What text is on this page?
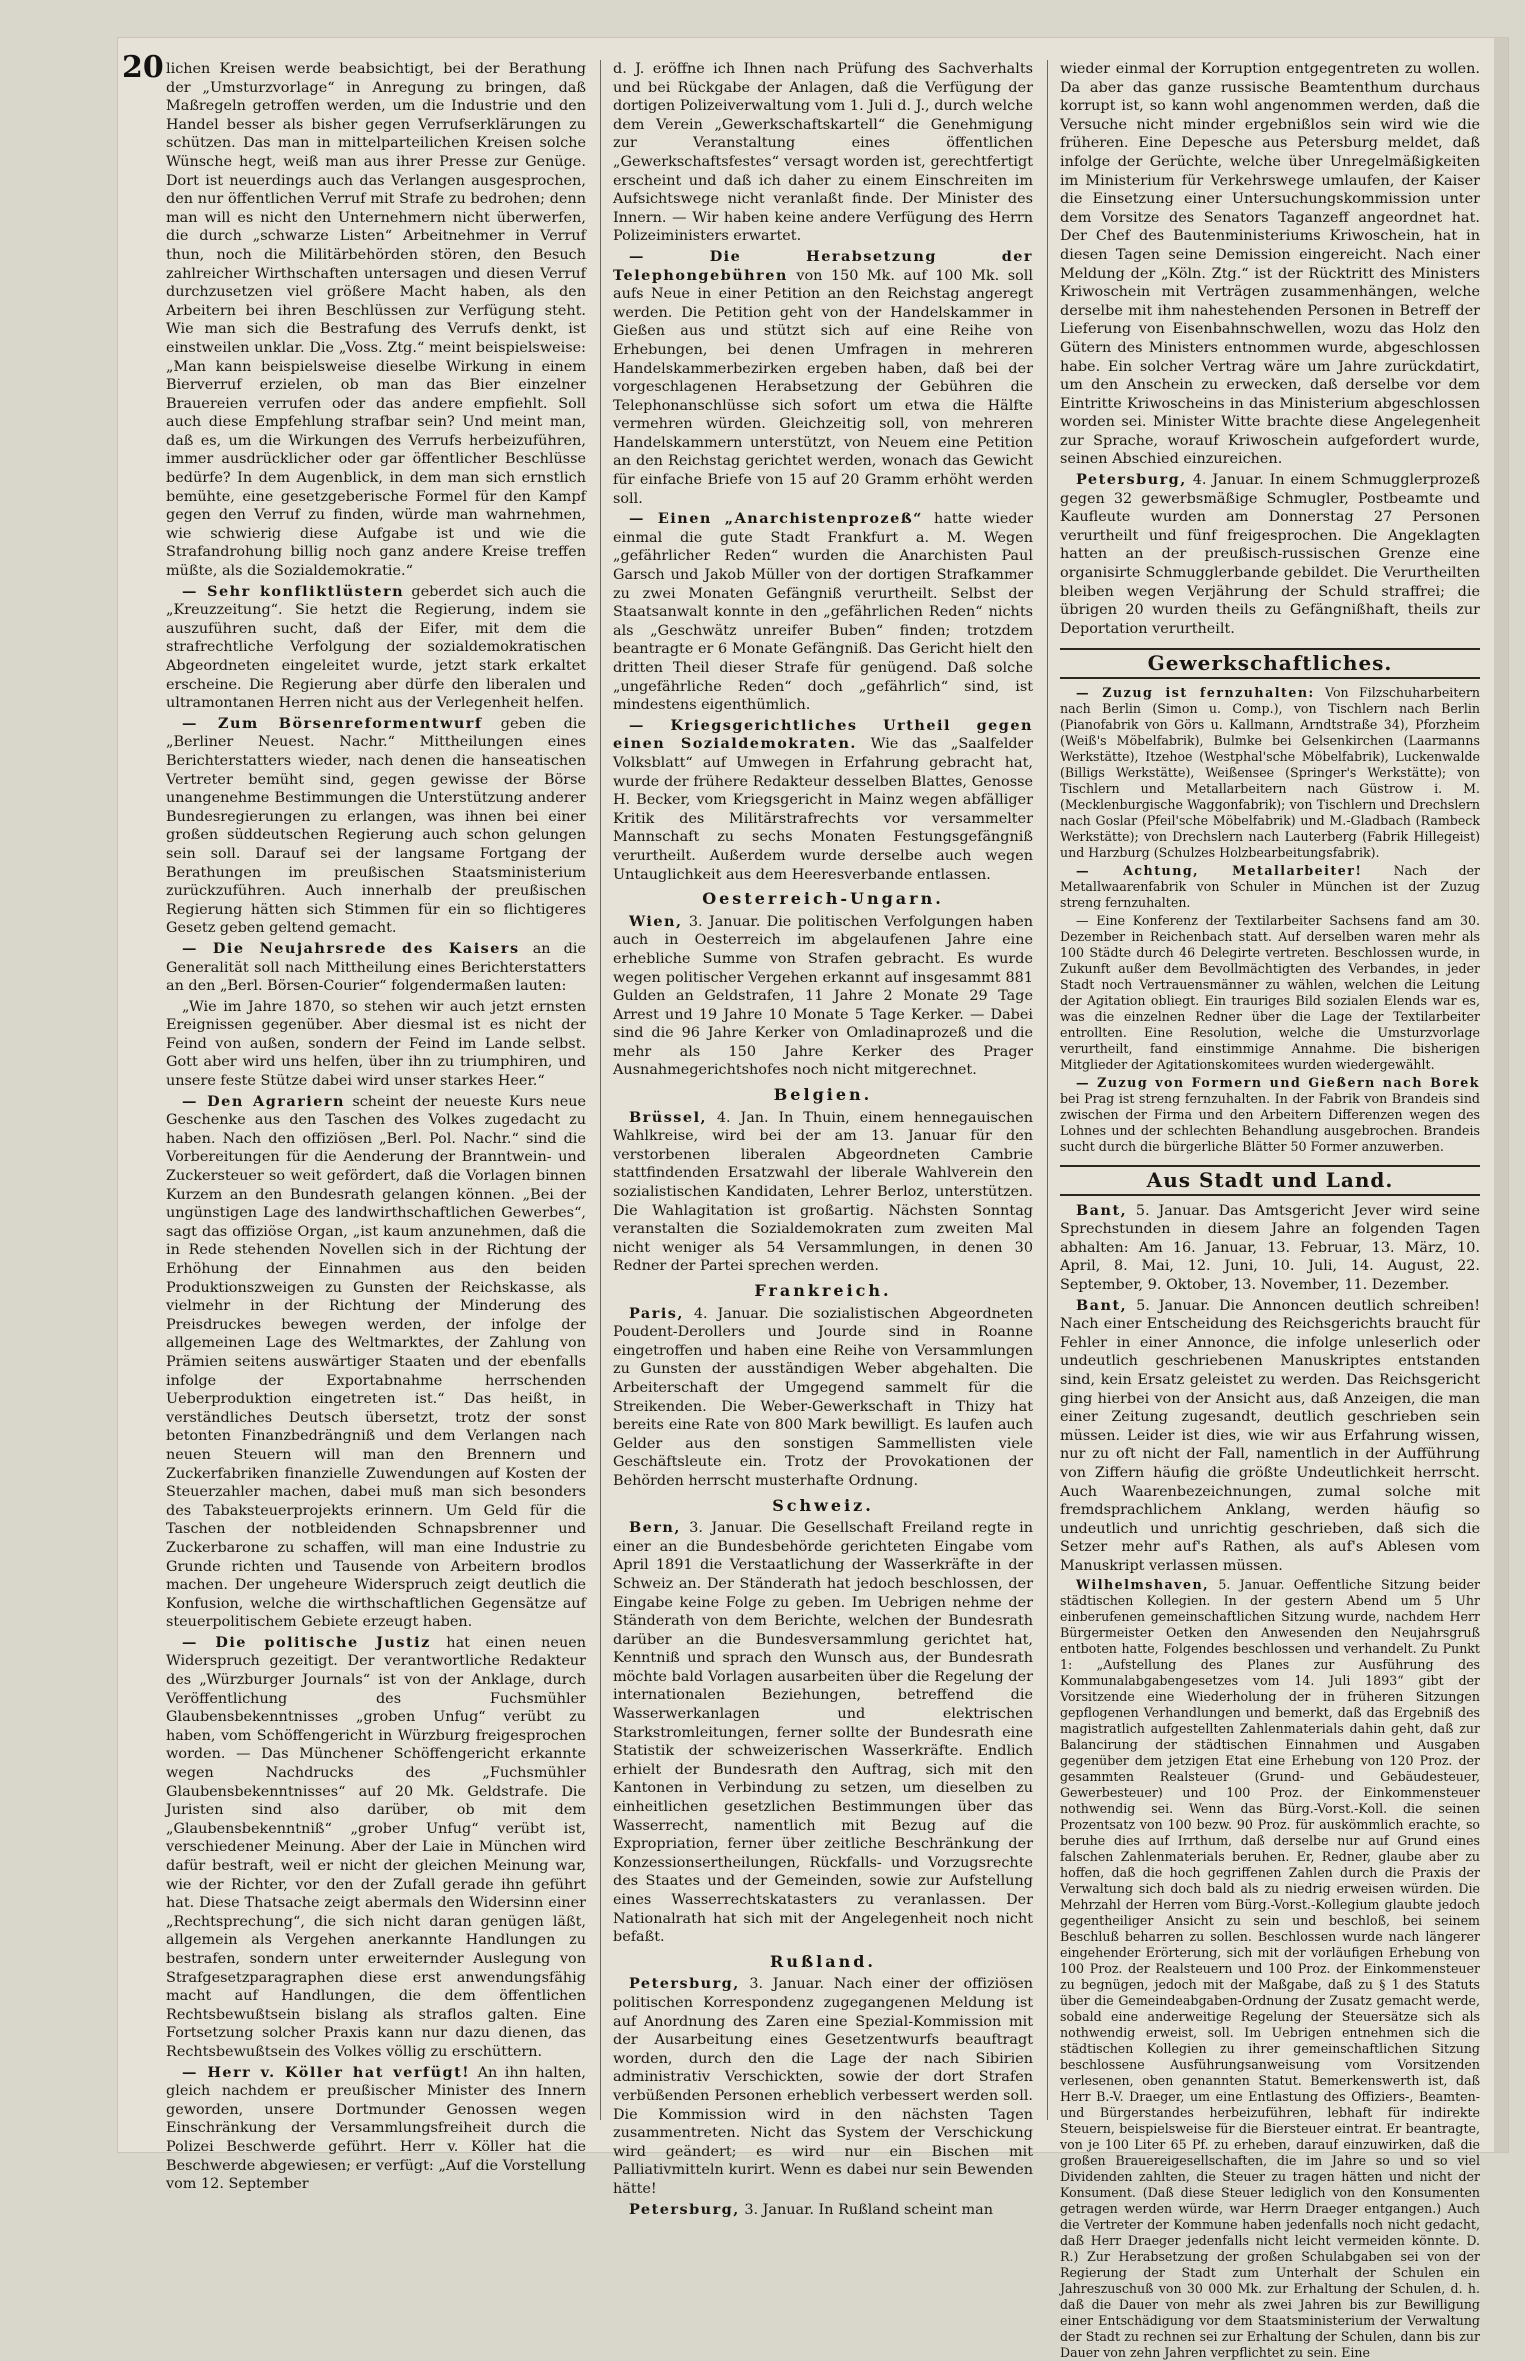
20 lichen Kreisen werde beabsichtigt, bei der Berathung der „Umsturzvorlage“ in Anregung zu bringen, daß Maßregeln getroffen werden, um die Industrie und den Handel besser als bisher gegen Verrufserklärungen zu schützen. Das man in mittelparteilichen Kreisen solche Wünsche hegt, weiß man aus ihrer Presse zur Genüge. Dort ist neuerdings auch das Verlangen ausgesprochen, den nur öffentlichen Verruf mit Strafe zu bedrohen; denn man will es nicht den Unternehmern nicht überwerfen, die durch „schwarze Listen“ Arbeitnehmer in Verruf thun, noch die Militärbehörden stören, den Besuch zahlreicher Wirthschaften untersagen und diesen Verruf durchzusetzen viel größere Macht haben, als den Arbeitern bei ihren Beschlüssen zur Verfügung steht. Wie man sich die Bestrafung des Verrufs denkt, ist einstweilen unklar. Die „Voss. Ztg.“ meint beispielsweise: „Man kann beispielsweise dieselbe Wirkung in einem Bierverruf erzielen, ob man das Bier einzelner Brauereien verrufen oder das andere empfiehlt. Soll auch diese Empfehlung strafbar sein? Und meint man, daß es, um die Wirkungen des Verrufs herbeizuführen, immer ausdrücklicher oder gar öffentlicher Beschlüsse bedürfe? In dem Augenblick, in dem man sich ernstlich bemühte, eine gesetzgeberische Formel für den Kampf gegen den Verruf zu finden, würde man wahrnehmen, wie schwierig diese Aufgabe ist und wie die Strafandrohung billig noch ganz andere Kreise treffen müßte, als die Sozialdemokratie.“

— Sehr konfliktlüstern geberdet sich auch die „Kreuzzeitung“. Sie hetzt die Regierung, indem sie auszuführen sucht, daß der Eifer, mit dem die strafrechtliche Verfolgung der sozialdemokratischen Abgeordneten eingeleitet wurde, jetzt stark erkaltet erscheine. Die Regierung aber dürfe den liberalen und ultramontanen Herren nicht aus der Verlegenheit helfen.

— Zum Börsenreformentwurf geben die „Berliner Neuest. Nachr.“ Mittheilungen eines Berichterstatters wieder, nach denen die hanseatischen Vertreter bemüht sind, gegen gewisse der Börse unangenehme Bestimmungen die Unterstützung anderer Bundesregierungen zu erlangen, was ihnen bei einer großen süddeutschen Regierung auch schon gelungen sein soll. Darauf sei der langsame Fortgang der Berathungen im preußischen Staatsministerium zurückzuführen. Auch innerhalb der preußischen Regierung hätten sich Stimmen für ein so flichtigeres Gesetz geben geltend gemacht.

— Die Neujahrsrede des Kaisers an die Generalität soll nach Mittheilung eines Berichterstatters an den „Berl. Börsen-Courier“ folgendermaßen lauten:

„Wie im Jahre 1870, so stehen wir auch jetzt ernsten Ereignissen gegenüber. Aber diesmal ist es nicht der Feind von außen, sondern der Feind im Lande selbst. Gott aber wird uns helfen, über ihn zu triumphiren, und unsere feste Stütze dabei wird unser starkes Heer.“

— Den Agrariern scheint der neueste Kurs neue Geschenke aus den Taschen des Volkes zugedacht zu haben. Nach den offiziösen „Berl. Pol. Nachr.“ sind die Vorbereitungen für die Aenderung der Branntwein- und Zuckersteuer so weit gefördert, daß die Vorlagen binnen Kurzem an den Bundesrath gelangen können. „Bei der ungünstigen Lage des landwirthschaftlichen Gewerbes“, sagt das offiziöse Organ, „ist kaum anzunehmen, daß die in Rede stehenden Novellen sich in der Richtung der Erhöhung der Einnahmen aus den beiden Produktionszweigen zu Gunsten der Reichskasse, als vielmehr in der Richtung der Minderung des Preisdruckes bewegen werden, der infolge der allgemeinen Lage des Weltmarktes, der Zahlung von Prämien seitens auswärtiger Staaten und der ebenfalls infolge der Exportabnahme herrschenden Ueberproduktion eingetreten ist.“ Das heißt, in verständliches Deutsch übersetzt, trotz der sonst betonten Finanzbedrängniß und dem Verlangen nach neuen Steuern will man den Brennern und Zuckerfabriken finanzielle Zuwendungen auf Kosten der Steuerzahler machen, dabei muß man sich besonders des Tabaksteuerprojekts erinnern. Um Geld für die Taschen der notbleidenden Schnapsbrenner und Zuckerbarone zu schaffen, will man eine Industrie zu Grunde richten und Tausende von Arbeitern brodlos machen. Der ungeheure Widerspruch zeigt deutlich die Konfusion, welche die wirthschaftlichen Gegensätze auf steuerpolitischem Gebiete erzeugt haben.

— Die politische Justiz hat einen neuen Widerspruch gezeitigt. Der verantwortliche Redakteur des „Würzburger Journals“ ist von der Anklage, durch Veröffentlichung des Fuchsmühler Glaubensbekenntnisses „groben Unfug“ verübt zu haben, vom Schöffengericht in Würzburg freigesprochen worden. — Das Münchener Schöffengericht erkannte wegen Nachdrucks des „Fuchsmühler Glaubensbekenntnisses“ auf 20 Mk. Geldstrafe. Die Juristen sind also darüber, ob mit dem „Glaubensbekenntniß“ „grober Unfug“ verübt ist, verschiedener Meinung. Aber der Laie in München wird dafür bestraft, weil er nicht der gleichen Meinung war, wie der Richter, vor den der Zufall gerade ihn geführt hat. Diese Thatsache zeigt abermals den Widersinn einer „Rechtsprechung“, die sich nicht daran genügen läßt, allgemein als Vergehen anerkannte Handlungen zu bestrafen, sondern unter erweiternder Auslegung von Strafgesetzparagraphen diese erst anwendungsfähig macht auf Handlungen, die dem öffentlichen Rechtsbewußtsein bislang als straflos galten. Eine Fortsetzung solcher Praxis kann nur dazu dienen, das Rechtsbewußtsein des Volkes völlig zu erschüttern.

— Herr v. Köller hat verfügt! An ihn halten, gleich nachdem er preußischer Minister des Innern geworden, unsere Dortmunder Genossen wegen Einschränkung der Versammlungsfreiheit durch die Polizei Beschwerde geführt. Herr v. Köller hat die Beschwerde abgewiesen; er verfügt: „Auf die Vorstellung vom 12. September

d. J. eröffne ich Ihnen nach Prüfung des Sachverhalts und bei Rückgabe der Anlagen, daß die Verfügung der dortigen Polizeiverwaltung vom 1. Juli d. J., durch welche dem Verein „Gewerkschaftskartell“ die Genehmigung zur Veranstaltung eines öffentlichen „Gewerkschaftsfestes“ versagt worden ist, gerechtfertigt erscheint und daß ich daher zu einem Einschreiten im Aufsichtswege nicht veranlaßt finde. Der Minister des Innern. — Wir haben keine andere Verfügung des Herrn Polizeiministers erwartet.

— Die Herabsetzung der Telephongebühren von 150 Mk. auf 100 Mk. soll aufs Neue in einer Petition an den Reichstag angeregt werden. Die Petition geht von der Handelskammer in Gießen aus und stützt sich auf eine Reihe von Erhebungen, bei denen Umfragen in mehreren Handelskammerbezirken ergeben haben, daß bei der vorgeschlagenen Herabsetzung der Gebühren die Telephonanschlüsse sich sofort um etwa die Hälfte vermehren würden. Gleichzeitig soll, von mehreren Handelskammern unterstützt, von Neuem eine Petition an den Reichstag gerichtet werden, wonach das Gewicht für einfache Briefe von 15 auf 20 Gramm erhöht werden soll.

— Einen „Anarchistenprozeß“ hatte wieder einmal die gute Stadt Frankfurt a. M. Wegen „gefährlicher Reden“ wurden die Anarchisten Paul Garsch und Jakob Müller von der dortigen Strafkammer zu zwei Monaten Gefängniß verurtheilt. Selbst der Staatsanwalt konnte in den „gefährlichen Reden“ nichts als „Geschwätz unreifer Buben“ finden; trotzdem beantragte er 6 Monate Gefängniß. Das Gericht hielt den dritten Theil dieser Strafe für genügend. Daß solche „ungefährliche Reden“ doch „gefährlich“ sind, ist mindestens eigenthümlich.

— Kriegsgerichtliches Urtheil gegen einen Sozialdemokraten. Wie das „Saalfelder Volksblatt“ auf Umwegen in Erfahrung gebracht hat, wurde der frühere Redakteur desselben Blattes, Genosse H. Becker, vom Kriegsgericht in Mainz wegen abfälliger Kritik des Militärstrafrechts vor versammelter Mannschaft zu sechs Monaten Festungsgefängniß verurtheilt. Außerdem wurde derselbe auch wegen Untauglichkeit aus dem Heeresverbande entlassen.

Oesterreich-Ungarn.

Wien, 3. Januar. Die politischen Verfolgungen haben auch in Oesterreich im abgelaufenen Jahre eine erhebliche Summe von Strafen gebracht. Es wurde wegen politischer Vergehen erkannt auf insgesammt 881 Gulden an Geldstrafen, 11 Jahre 2 Monate 29 Tage Arrest und 19 Jahre 10 Monate 5 Tage Kerker. — Dabei sind die 96 Jahre Kerker von Omladinaprozeß und die mehr als 150 Jahre Kerker des Prager Ausnahmegerichtshofes noch nicht mitgerechnet.

Belgien.

Brüssel, 4. Jan. In Thuin, einem hennegauischen Wahlkreise, wird bei der am 13. Januar für den verstorbenen liberalen Abgeordneten Cambrie stattfindenden Ersatzwahl der liberale Wahlverein den sozialistischen Kandidaten, Lehrer Berloz, unterstützen. Die Wahlagitation ist großartig. Nächsten Sonntag veranstalten die Sozialdemokraten zum zweiten Mal nicht weniger als 54 Versammlungen, in denen 30 Redner der Partei sprechen werden.

Frankreich.

Paris, 4. Januar. Die sozialistischen Abgeordneten Poudent-Derollers und Jourde sind in Roanne eingetroffen und haben eine Reihe von Versammlungen zu Gunsten der ausständigen Weber abgehalten. Die Arbeiterschaft der Umgegend sammelt für die Streikenden. Die Weber-Gewerkschaft in Thizy hat bereits eine Rate von 800 Mark bewilligt. Es laufen auch Gelder aus den sonstigen Sammellisten viele Geschäftsleute ein. Trotz der Provokationen der Behörden herrscht musterhafte Ordnung.

Schweiz.

Bern, 3. Januar. Die Gesellschaft Freiland regte in einer an die Bundesbehörde gerichteten Eingabe vom April 1891 die Verstaatlichung der Wasserkräfte in der Schweiz an. Der Ständerath hat jedoch beschlossen, der Eingabe keine Folge zu geben. Im Uebrigen nehme der Ständerath von dem Berichte, welchen der Bundesrath darüber an die Bundesversammlung gerichtet hat, Kenntniß und sprach den Wunsch aus, der Bundesrath möchte bald Vorlagen ausarbeiten über die Regelung der internationalen Beziehungen, betreffend die Wasserwerkanlagen und elektrischen Starkstromleitungen, ferner sollte der Bundesrath eine Statistik der schweizerischen Wasserkräfte. Endlich erhielt der Bundesrath den Auftrag, sich mit den Kantonen in Verbindung zu setzen, um dieselben zu einheitlichen gesetzlichen Bestimmungen über das Wasserrecht, namentlich mit Bezug auf die Expropriation, ferner über zeitliche Beschränkung der Konzessionsertheilungen, Rückfalls- und Vorzugsrechte des Staates und der Gemeinden, sowie zur Aufstellung eines Wasserrechtskatasters zu veranlassen. Der Nationalrath hat sich mit der Angelegenheit noch nicht befaßt.

Rußland.

Petersburg, 3. Januar. Nach einer der offiziösen politischen Korrespondenz zugegangenen Meldung ist auf Anordnung des Zaren eine Spezial-Kommission mit der Ausarbeitung eines Gesetzentwurfs beauftragt worden, durch den die Lage der nach Sibirien administrativ Verschickten, sowie der dort Strafen verbüßenden Personen erheblich verbessert werden soll. Die Kommission wird in den nächsten Tagen zusammentreten. Nicht das System der Verschickung wird geändert; es wird nur ein Bischen mit Palliativmitteln kurirt. Wenn es dabei nur sein Bewenden hätte!

Petersburg, 3. Januar. In Rußland scheint man

wieder einmal der Korruption entgegentreten zu wollen. Da aber das ganze russische Beamtenthum durchaus korrupt ist, so kann wohl angenommen werden, daß die Versuche nicht minder ergebnißlos sein wird wie die früheren. Eine Depesche aus Petersburg meldet, daß infolge der Gerüchte, welche über Unregelmäßigkeiten im Ministerium für Verkehrswege umlaufen, der Kaiser die Einsetzung einer Untersuchungskommission unter dem Vorsitze des Senators Taganzeff angeordnet hat. Der Chef des Bautenministeriums Kriwoschein, hat in diesen Tagen seine Demission eingereicht. Nach einer Meldung der „Köln. Ztg.“ ist der Rücktritt des Ministers Kriwoschein mit Verträgen zusammenhängen, welche derselbe mit ihm nahestehenden Personen in Betreff der Lieferung von Eisenbahnschwellen, wozu das Holz den Gütern des Ministers entnommen wurde, abgeschlossen habe. Ein solcher Vertrag wäre um Jahre zurückdatirt, um den Anschein zu erwecken, daß derselbe vor dem Eintritte Kriwoscheins in das Ministerium abgeschlossen worden sei. Minister Witte brachte diese Angelegenheit zur Sprache, worauf Kriwoschein aufgefordert wurde, seinen Abschied einzureichen.

Petersburg, 4. Januar. In einem Schmugglerprozeß gegen 32 gewerbsmäßige Schmugler, Postbeamte und Kaufleute wurden am Donnerstag 27 Personen verurtheilt und fünf freigesprochen. Die Angeklagten hatten an der preußisch-russischen Grenze eine organisirte Schmugglerbande gebildet. Die Verurtheilten bleiben wegen Verjährung der Schuld straffrei; die übrigen 20 wurden theils zu Gefängnißhaft, theils zur Deportation verurtheilt.

Gewerkschaftliches.

— Zuzug ist fernzuhalten: Von Filzschuharbeitern nach Berlin (Simon u. Comp.), von Tischlern nach Berlin (Pianofabrik von Görs u. Kallmann, Arndtstraße 34), Pforzheim (Weiß's Möbelfabrik), Bulmke bei Gelsenkirchen (Laarmanns Werkstätte), Itzehoe (Westphal'sche Möbelfabrik), Luckenwalde (Billigs Werkstätte), Weißensee (Springer's Werkstätte); von Tischlern und Metallarbeitern nach Güstrow i. M. (Mecklenburgische Waggonfabrik); von Tischlern und Drechslern nach Goslar (Pfeil'sche Möbelfabrik) und M.-Gladbach (Rambeck Werkstätte); von Drechslern nach Lauterberg (Fabrik Hillegeist) und Harzburg (Schulzes Holzbearbeitungsfabrik).

— Achtung, Metallarbeiter! Nach der Metallwaarenfabrik von Schuler in München ist der Zuzug streng fernzuhalten.

— Eine Konferenz der Textilarbeiter Sachsens fand am 30. Dezember in Reichenbach statt. Auf derselben waren mehr als 100 Städte durch 46 Delegirte vertreten. Beschlossen wurde, in Zukunft außer dem Bevollmächtigten des Verbandes, in jeder Stadt noch Vertrauensmänner zu wählen, welchen die Leitung der Agitation obliegt. Ein trauriges Bild sozialen Elends war es, was die einzelnen Redner über die Lage der Textilarbeiter entrollten. Eine Resolution, welche die Umsturzvorlage verurtheilt, fand einstimmige Annahme. Die bisherigen Mitglieder der Agitationskomitees wurden wiedergewählt.

— Zuzug von Formern und Gießern nach Borek bei Prag ist streng fernzuhalten. In der Fabrik von Brandeis sind zwischen der Firma und den Arbeitern Differenzen wegen des Lohnes und der schlechten Behandlung ausgebrochen. Brandeis sucht durch die bürgerliche Blätter 50 Former anzuwerben.

Aus Stadt und Land.

Bant, 5. Januar. Das Amtsgericht Jever wird seine Sprechstunden in diesem Jahre an folgenden Tagen abhalten: Am 16. Januar, 13. Februar, 13. März, 10. April, 8. Mai, 12. Juni, 10. Juli, 14. August, 22. September, 9. Oktober, 13. November, 11. Dezember.

Bant, 5. Januar. Die Annoncen deutlich schreiben! Nach einer Entscheidung des Reichsgerichts braucht für Fehler in einer Annonce, die infolge unleserlich oder undeutlich geschriebenen Manuskriptes entstanden sind, kein Ersatz geleistet zu werden. Das Reichsgericht ging hierbei von der Ansicht aus, daß Anzeigen, die man einer Zeitung zugesandt, deutlich geschrieben sein müssen. Leider ist dies, wie wir aus Erfahrung wissen, nur zu oft nicht der Fall, namentlich in der Aufführung von Ziffern häufig die größte Undeutlichkeit herrscht. Auch Waarenbezeichnungen, zumal solche mit fremdsprachlichem Anklang, werden häufig so undeutlich und unrichtig geschrieben, daß sich die Setzer mehr auf's Rathen, als auf's Ablesen vom Manuskript verlassen müssen.

Wilhelmshaven, 5. Januar. Oeffentliche Sitzung beider städtischen Kollegien. In der gestern Abend um 5 Uhr einberufenen gemeinschaftlichen Sitzung wurde, nachdem Herr Bürgermeister Oetken den Anwesenden den Neujahrsgruß entboten hatte, Folgendes beschlossen und verhandelt. Zu Punkt 1: „Aufstellung des Planes zur Ausführung des Kommunalabgabengesetzes vom 14. Juli 1893“ gibt der Vorsitzende eine Wiederholung der in früheren Sitzungen gepflogenen Verhandlungen und bemerkt, daß das Ergebniß des magistratlich aufgestellten Zahlenmaterials dahin geht, daß zur Balancirung der städtischen Einnahmen und Ausgaben gegenüber dem jetzigen Etat eine Erhebung von 120 Proz. der gesammten Realsteuer (Grund- und Gebäudesteuer, Gewerbesteuer) und 100 Proz. der Einkommensteuer nothwendig sei. Wenn das Bürg.-Vorst.-Koll. die seinen Prozentsatz von 100 bezw. 90 Proz. für auskömmlich erachte, so beruhe dies auf Irrthum, daß derselbe nur auf Grund eines falschen Zahlenmaterials beruhen. Er, Redner, glaube aber zu hoffen, daß die hoch gegriffenen Zahlen durch die Praxis der Verwaltung sich doch bald als zu niedrig erweisen würden. Die Mehrzahl der Herren vom Bürg.-Vorst.-Kollegium glaubte jedoch gegentheiliger Ansicht zu sein und beschloß, bei seinem Beschluß beharren zu sollen. Beschlossen wurde nach längerer eingehender Erörterung, sich mit der vorläufigen Erhebung von 100 Proz. der Realsteuern und 100 Proz. der Einkommensteuer zu begnügen, jedoch mit der Maßgabe, daß zu § 1 des Statuts über die Gemeindeabgaben-Ordnung der Zusatz gemacht werde, sobald eine anderweitige Regelung der Steuersätze sich als nothwendig erweist, soll. Im Uebrigen entnehmen sich die städtischen Kollegien zu ihrer gemeinschaftlichen Sitzung beschlossene Ausführungsanweisung vom Vorsitzenden verlesenen, oben genannten Statut. Bemerkenswerth ist, daß Herr B.-V. Draeger, um eine Entlastung des Offiziers-, Beamten- und Bürgerstandes herbeizuführen, lebhaft für indirekte Steuern, beispielsweise für die Biersteuer eintrat. Er beantragte, von je 100 Liter 65 Pf. zu erheben, darauf einzuwirken, daß die großen Brauereigesellschaften, die im Jahre so und so viel Dividenden zahlten, die Steuer zu tragen hätten und nicht der Konsument. (Daß diese Steuer lediglich von den Konsumenten getragen werden würde, war Herrn Draeger entgangen.) Auch die Vertreter der Kommune haben jedenfalls noch nicht gedacht, daß Herr Draeger jedenfalls nicht leicht vermeiden könnte. D. R.) Zur Herabsetzung der großen Schulabgaben sei von der Regierung der Stadt zum Unterhalt der Schulen ein Jahreszuschuß von 30 000 Mk. zur Erhaltung der Schulen, d. h. daß die Dauer von mehr als zwei Jahren bis zur Bewilligung einer Entschädigung vor dem Staatsministerium der Verwaltung der Stadt zu rechnen sei zur Erhaltung der Schulen, dann bis zur Dauer von zehn Jahren verpflichtet zu sein. Eine
